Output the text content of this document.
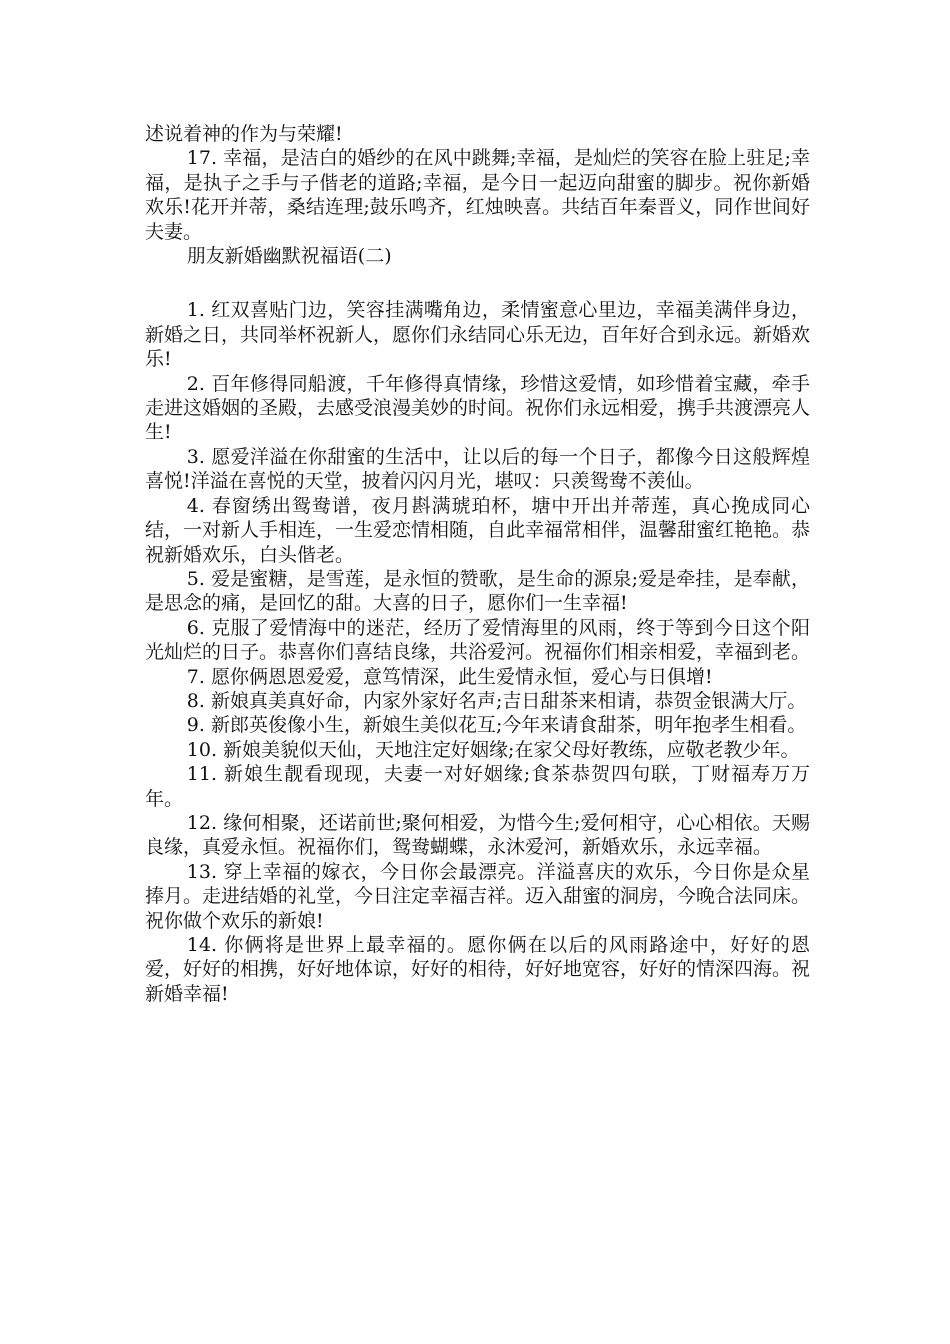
述说着神的作为与荣耀!

17. 幸福，是洁白的婚纱的在风中跳舞;幸福，是灿烂的笑容在脸上驻足;幸福，是执子之手与子偕老的道路;幸福，是今日一起迈向甜蜜的脚步。祝你新婚欢乐!花开并蒂，桑结连理;鼓乐鸣齐，红烛映喜。共结百年秦晋义，同作世间好夫妻。

朋友新婚幽默祝福语(二)

1. 红双喜贴门边，笑容挂满嘴角边，柔情蜜意心里边，幸福美满伴身边，新婚之日，共同举杯祝新人，愿你们永结同心乐无边，百年好合到永远。新婚欢乐!

2. 百年修得同船渡，千年修得真情缘，珍惜这爱情，如珍惜着宝藏，牵手走进这婚姻的圣殿，去感受浪漫美妙的时间。祝你们永远相爱，携手共渡漂亮人生!

3. 愿爱洋溢在你甜蜜的生活中，让以后的每一个日子，都像今日这般辉煌喜悦!洋溢在喜悦的天堂，披着闪闪月光，堪叹：只羡鸳鸯不羡仙。

4. 春窗绣出鸳鸯谱，夜月斟满琥珀杯，塘中开出并蒂莲，真心挽成同心结，一对新人手相连，一生爱恋情相随，自此幸福常相伴，温馨甜蜜红艳艳。恭祝新婚欢乐，白头偕老。

5. 爱是蜜糖，是雪莲，是永恒的赞歌，是生命的源泉;爱是牵挂，是奉献，是思念的痛，是回忆的甜。大喜的日子，愿你们一生幸福!

6. 克服了爱情海中的迷茫，经历了爱情海里的风雨，终于等到今日这个阳光灿烂的日子。恭喜你们喜结良缘，共浴爱河。祝福你们相亲相爱，幸福到老。

7. 愿你俩恩恩爱爱，意笃情深，此生爱情永恒，爱心与日俱增!

8. 新娘真美真好命，内家外家好名声;吉日甜茶来相请，恭贺金银满大厅。

9. 新郎英俊像小生，新娘生美似花互;今年来请食甜茶，明年抱孝生相看。

10. 新娘美貌似天仙，天地注定好姻缘;在家父母好教练，应敬老教少年。

11. 新娘生靓看现现，夫妻一对好姻缘;食茶恭贺四句联，丁财福寿万万年。

12. 缘何相聚，还诺前世;聚何相爱，为惜今生;爱何相守，心心相依。天赐良缘，真爱永恒。祝福你们，鸳鸯蝴蝶，永沐爱河，新婚欢乐，永远幸福。

13. 穿上幸福的嫁衣，今日你会最漂亮。洋溢喜庆的欢乐，今日你是众星捧月。走进结婚的礼堂，今日注定幸福吉祥。迈入甜蜜的洞房，今晚合法同床。祝你做个欢乐的新娘!

14. 你俩将是世界上最幸福的。愿你俩在以后的风雨路途中，好好的恩爱，好好的相携，好好地体谅，好好的相待，好好地宽容，好好的情深四海。祝新婚幸福!
